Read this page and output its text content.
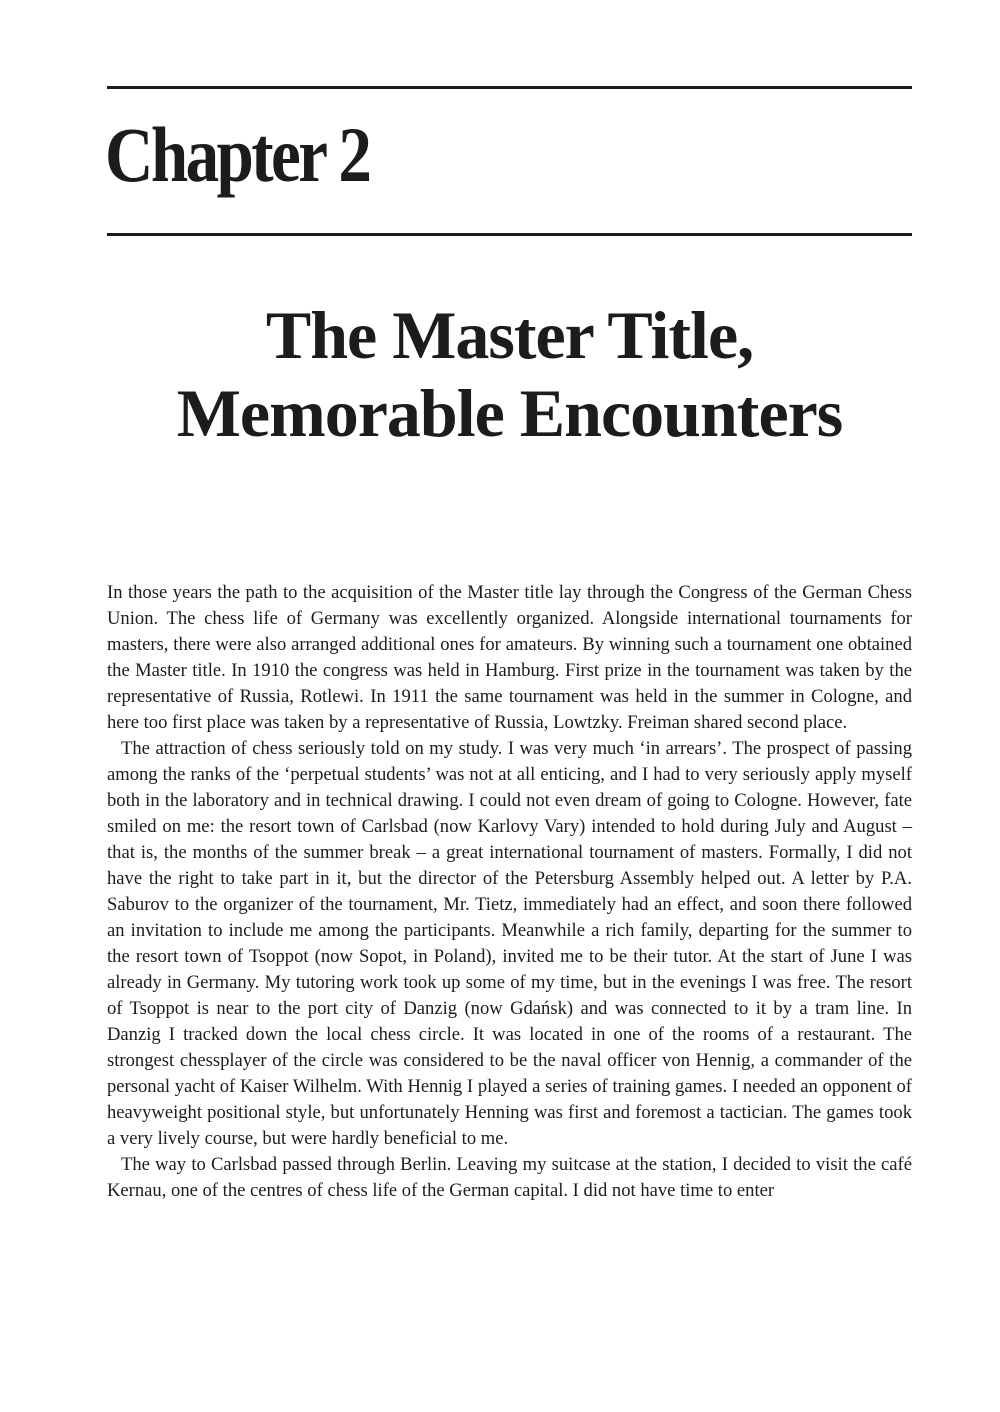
Chapter 2
The Master Title,
Memorable Encounters

In those years the path to the acquisition of the Master title lay through the Congress of the German Chess Union. The chess life of Germany was excellently organized. Alongside international tournaments for masters, there were also arranged additional ones for amateurs. By winning such a tournament one obtained the Master title. In 1910 the congress was held in Hamburg. First prize in the tournament was taken by the representative of Russia, Rotlewi. In 1911 the same tournament was held in the summer in Cologne, and here too first place was taken by a representative of Russia, Lowtzky. Freiman shared second place.

The attraction of chess seriously told on my study. I was very much ‘in arrears’. The prospect of passing among the ranks of the ‘perpetual students’ was not at all enticing, and I had to very seriously apply myself both in the laboratory and in technical drawing. I could not even dream of going to Cologne. However, fate smiled on me: the resort town of Carlsbad (now Karlovy Vary) intended to hold during July and August – that is, the months of the summer break – a great international tournament of masters. Formally, I did not have the right to take part in it, but the director of the Petersburg Assembly helped out. A letter by P.A. Saburov to the organizer of the tournament, Mr. Tietz, immediately had an effect, and soon there followed an invitation to include me among the participants. Meanwhile a rich family, departing for the summer to the resort town of Tsoppot (now Sopot, in Poland), invited me to be their tutor. At the start of June I was already in Germany. My tutoring work took up some of my time, but in the evenings I was free. The resort of Tsoppot is near to the port city of Danzig (now Gdańsk) and was connected to it by a tram line. In Danzig I tracked down the local chess circle. It was located in one of the rooms of a restaurant. The strongest chessplayer of the circle was considered to be the naval officer von Hennig, a commander of the personal yacht of Kaiser Wilhelm. With Hennig I played a series of training games. I needed an opponent of heavyweight positional style, but unfortunately Henning was first and foremost a tactician. The games took a very lively course, but were hardly beneficial to me.

The way to Carlsbad passed through Berlin. Leaving my suitcase at the station, I decided to visit the café Kernau, one of the centres of chess life of the German capital. I did not have time to enter
